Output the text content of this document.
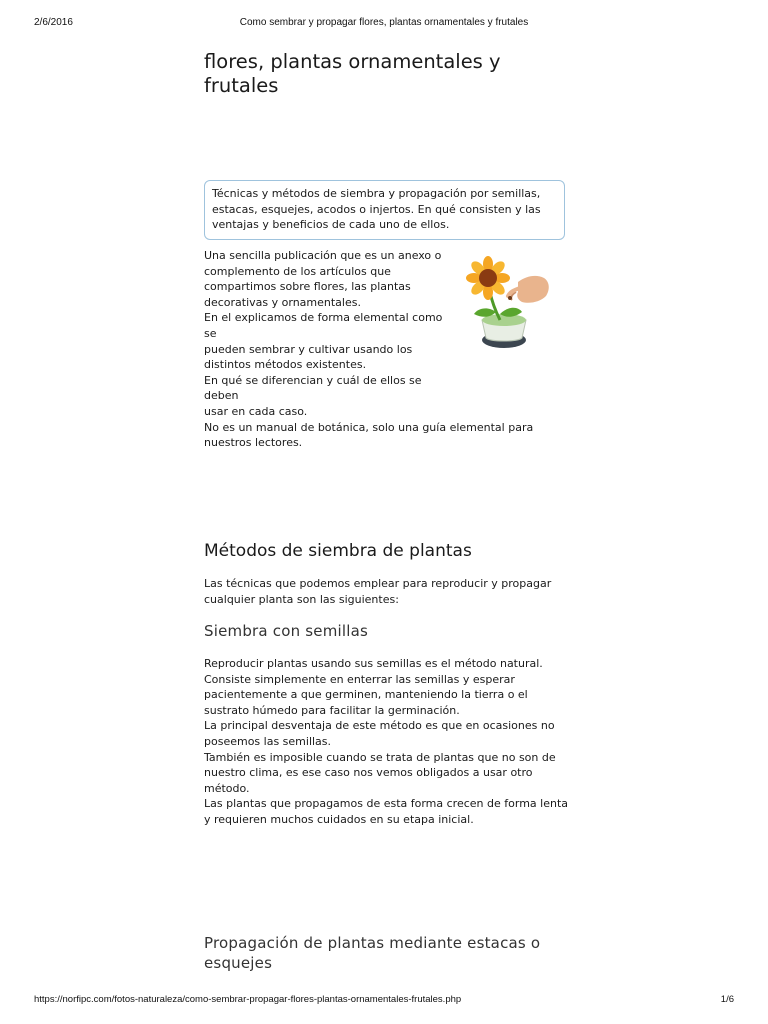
2/6/2016	Como sembrar y propagar flores, plantas ornamentales y frutales
flores, plantas ornamentales y frutales
Técnicas y métodos de siembra y propagación por semillas, estacas, esquejes, acodos o injertos. En qué consisten y las ventajas y beneficios de cada uno de ellos.

Una sencilla publicación que es un anexo o

complemento de los artículos que

compartimos sobre flores, las plantas

decorativas y ornamentales.

En el explicamos de forma elemental como se

pueden sembrar y cultivar usando los

distintos métodos existentes.

En qué se diferencian y cuál de ellos se deben

usar en cada caso.

No es un manual de botánica, solo una guía elemental para nuestros lectores.

Métodos de siembra de plantas

Las técnicas que podemos emplear para reproducir y propagar cualquier planta son las siguientes:

Siembra con semillas
Reproducir plantas usando sus semillas es el método natural.
Consiste simplemente en enterrar las semillas y esperar pacientemente a que germinen, manteniendo la tierra o el sustrato húmedo para facilitar la germinación.
La principal desventaja de este método es que en ocasiones no poseemos las semillas.
También es imposible cuando se trata de plantas que no son de nuestro clima, es ese caso nos vemos obligados a usar otro método.
Las plantas que propagamos de esta forma crecen de forma lenta y requieren muchos cuidados en su etapa inicial.
Propagación de plantas mediante estacas o esquejes
https://norfipc.com/fotos-naturaleza/como-sembrar-propagar-flores-plantas-ornamentales-frutales.php	1/6
